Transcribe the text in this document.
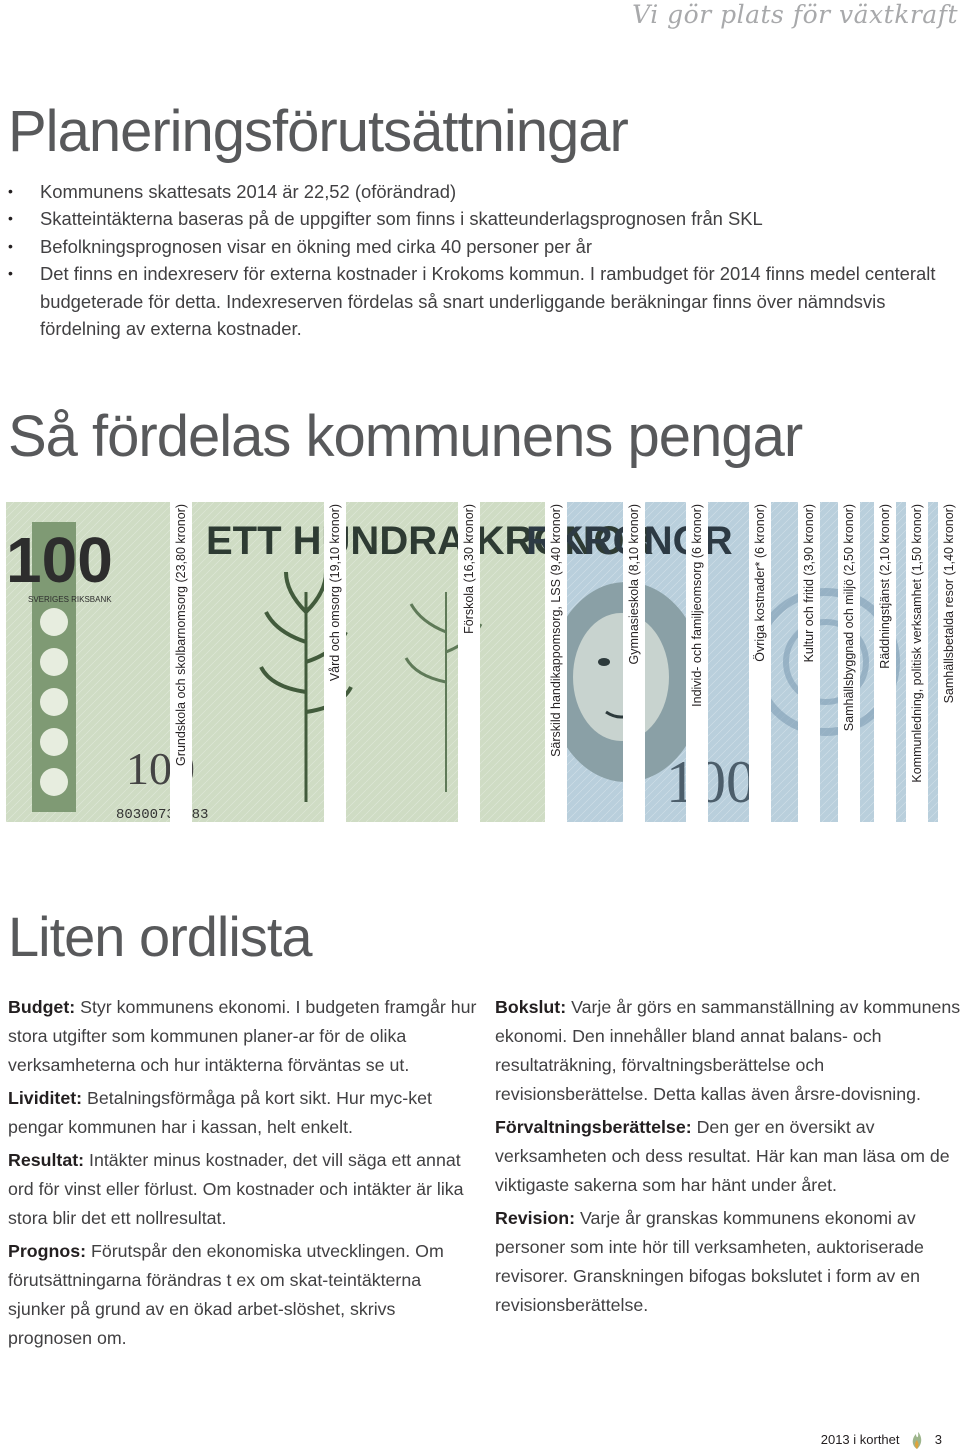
Vi gör plats för växtkraft
Planeringsförutsättningar
• Kommunens skattesats 2014 är 22,52 (oförändrad)
• Skatteintäkterna baseras på de uppgifter som finns i skatteunderlagsprognosen från SKL
• Befolkningsprognosen visar en ökning med cirka 40 personer per år
• Det finns en indexreserv för externa kostnader i Krokoms kommun. I rambudget för 2014 finns medel centeralt budgeterade för detta. Indexreserven fördelas så snart underliggande beräkningar finns över nämndsvis fördelning av externa kostnader.
Så fördelas kommunens pengar
Grundskola och skolbarnomsorg (23,80 kronor)	Vård och omsorg (19,10 kronor)	Förskola (16,30 kronor)	Särskild handikappomsorg, LSS (9,40 kronor)	Gymnasieskola (8,10 kronor)	Individ- och familjeomsorg (6 kronor)	Övriga kostnader* (6 kronor)	Kultur och fritid (3,90 kronor) Samhällsbyggnad och miljö (2,50 kronor) Räddningstjänst (2,10 kronor) Kommunledning, politisk verksamhet (1,50 kronor) Samhällsbetalda resor (1,40 kronor)
Liten ordlista

Budget: Styr kommunens ekonomi. I budgeten framgår hur stora utgifter som kommunen planer-ar för de olika verksamheterna och hur intäkterna förväntas se ut.

Lividitet: Betalningsförmåga på kort sikt. Hur myc-ket pengar kommunen har i kassan, helt enkelt.

Resultat: Intäkter minus kostnader, det vill säga ett annat ord för vinst eller förlust. Om kostnader och intäkter är lika stora blir det ett nollresultat.

Prognos: Förutspår den ekonomiska utvecklingen. Om förutsättningarna förändras t ex om skat-teintäkterna sjunker på grund av en ökad arbet-slöshet, skrivs prognosen om.

Bokslut: Varje år görs en sammanställning av kommunens ekonomi. Den innehåller bland annat balans- och resultaträkning, förvaltningsberättelse och revisionsberättelse. Detta kallas även årsre-dovisning.

Förvaltningsberättelse: Den ger en översikt av verksamheten och dess resultat. Här kan man läsa om de viktigaste sakerna som har hänt under året.

Revision: Varje år granskas kommunens ekonomi av personer som inte hör till verksamheten, auktoriserade revisorer. Granskningen bifogas bokslutet i form av en revisionsberättelse.

2013 i korthet	3
